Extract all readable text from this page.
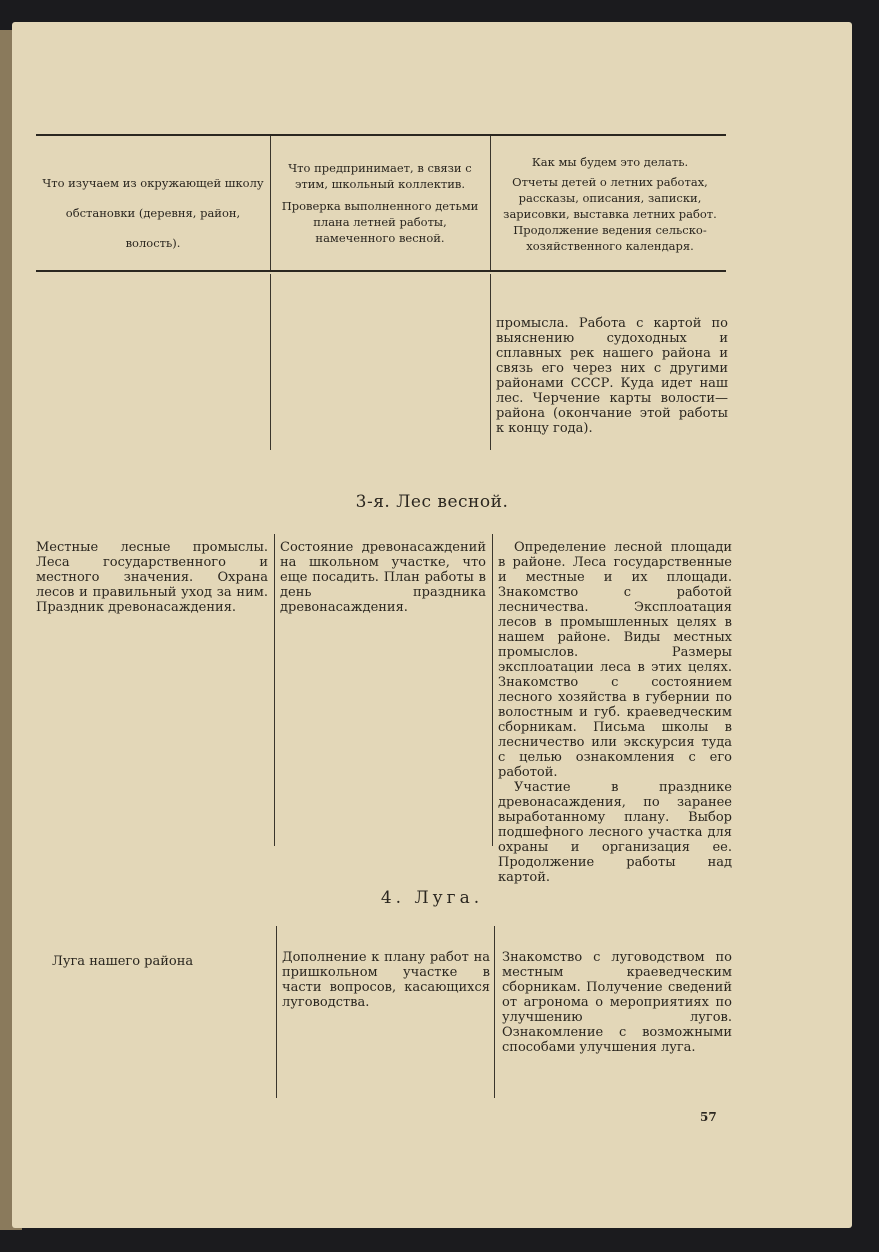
Что изучаем из окружающей школу обстановки (деревня, район, волость).

Что предпринимает, в связи с этим, школьный коллектив.

Проверка выполненного детьми плана летней работы, намеченного весной.

Как мы будем это делать.

Отчеты детей о летних работах, рассказы, описания, записки, зарисовки, выставка летних работ. Продолжение ведения сельско-хозяйственного календаря.

промысла. Работа с картой по выяснению судоходных и сплавных рек нашего района и связь его через них с другими районами СССР. Куда идет наш лес. Черчение карты волости—района (окончание этой работы к концу года).
3-я. Лес весной.
Местные лесные промыслы. Леса государственного и местного значения. Охрана лесов и правильный уход за ним. Праздник древонасаждения.
Состояние древонасаждений на школьном участке, что еще посадить. План работы в день праздника древонасаждения.

Определение лесной площади в районе. Леса государственные и местные и их площади. Знакомство с работой лесничества. Эксплоатация лесов в промышленных целях в нашем районе. Виды местных промыслов. Размеры эксплоатации леса в этих целях. Знакомство с состоянием лесного хозяйства в губернии по волостным и губ. краеведческим сборникам. Письма школы в лесничество или экскурсия туда с целью ознакомления с его работой.

Участие в празднике древонасаждения, по заранее выработанному плану. Выбор подшефного лесного участка для охраны и организация ее. Продолжение работы над картой.

4. Луга.
Луга нашего района	Дополнение к плану работ на пришкольном участке в части вопросов, касающихся луговодства.
Знакомство с луговодством по местным краеведческим сборникам. Получение сведений от агронома о мероприятиях по улучшению лугов. Ознакомление с возможными способами улучшения луга.
57
